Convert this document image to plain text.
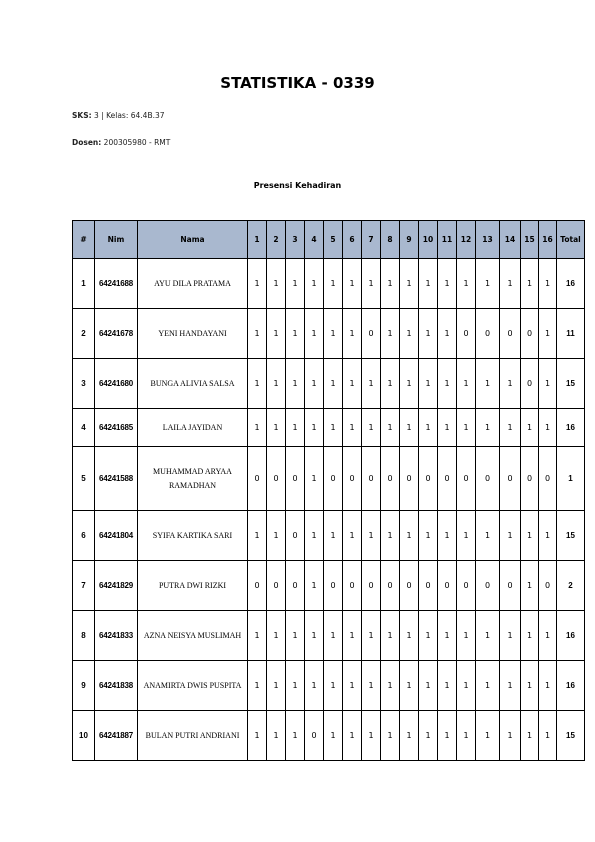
STATISTIKA - 0339
SKS: 3 | Kelas: 64.4B.37
Dosen: 200305980 - RMT
Presensi Kehadiran
#	Nim	Nama	1	2	3	4	5	6	7	8	9	10	11	12	13	14	15	16	Total
1	64241688	AYU DILA PRATAMA	1	1	1	1	1	1	1	1	1	1	1	1	1	1	1	1	16
2	64241678	YENI HANDAYANI	1	1	1	1	1	1	0	1	1	1	1	0	0	0	0	1	11
3	64241680	BUNGA ALIVIA SALSA	1	1	1	1	1	1	1	1	1	1	1	1	1	1	0	1	15
4	64241685	LAILA JAYIDAN	1	1	1	1	1	1	1	1	1	1	1	1	1	1	1	1	16
5	64241588	MUHAMMAD ARYAA RAMADHAN	0	0	0	1	0	0	0	0	0	0	0	0	0	0	0	0	1
6	64241804	SYIFA KARTIKA SARI	1	1	0	1	1	1	1	1	1	1	1	1	1	1	1	1	15
7	64241829	PUTRA DWI RIZKI	0	0	0	1	0	0	0	0	0	0	0	0	0	0	1	0	2
8	64241833	AZNA NEISYA MUSLIMAH	1	1	1	1	1	1	1	1	1	1	1	1	1	1	1	1	16
9	64241838	ANAMIRTA DWIS PUSPITA	1	1	1	1	1	1	1	1	1	1	1	1	1	1	1	1	16
10	64241887	BULAN PUTRI ANDRIANI	1	1	1	0	1	1	1	1	1	1	1	1	1	1	1	1	15
